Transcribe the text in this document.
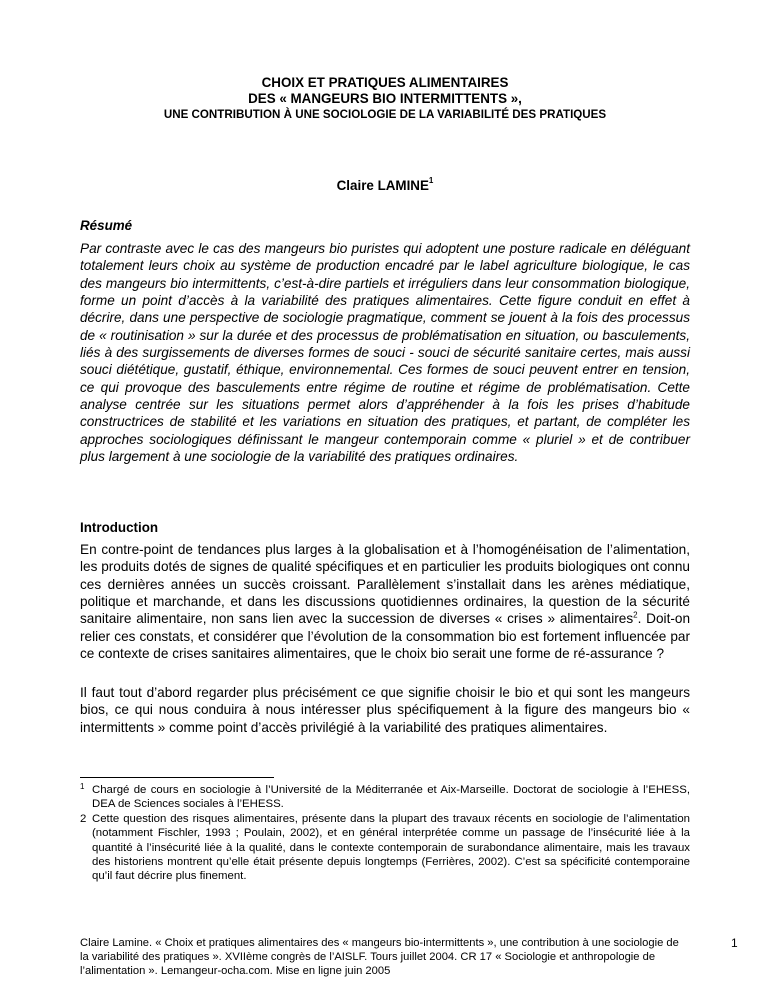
CHOIX ET PRATIQUES ALIMENTAIRES
DES « MANGEURS BIO INTERMITTENTS »,
UNE CONTRIBUTION À UNE SOCIOLOGIE DE LA VARIABILITÉ DES PRATIQUES
Claire LAMINE$^1$
Résumé
Par contraste avec le cas des mangeurs bio puristes qui adoptent une posture radicale en déléguant totalement leurs choix au système de production encadré par le label agriculture biologique, le cas des mangeurs bio intermittents, c’est-à-dire partiels et irréguliers dans leur consommation biologique, forme un point d’accès à la variabilité des pratiques alimentaires. Cette figure conduit en effet à décrire, dans une perspective de sociologie pragmatique, comment se jouent à la fois des processus de « routinisation » sur la durée et des processus de problématisation en situation, ou basculements, liés à des surgissements de diverses formes de souci - souci de sécurité sanitaire certes, mais aussi souci diététique, gustatif, éthique, environnemental. Ces formes de souci peuvent entrer en tension, ce qui provoque des basculements entre régime de routine et régime de problématisation. Cette analyse centrée sur les situations permet alors d’appréhender à la fois les prises d’habitude constructrices de stabilité et les variations en situation des pratiques, et partant, de compléter les approches sociologiques définissant le mangeur contemporain comme « pluriel » et de contribuer plus largement à une sociologie de la variabilité des pratiques ordinaires.
Introduction
En contre-point de tendances plus larges à la globalisation et à l’homogénéisation de l’alimentation, les produits dotés de signes de qualité spécifiques et en particulier les produits biologiques ont connu ces dernières années un succès croissant. Parallèlement s’installait dans les arènes médiatique, politique et marchande, et dans les discussions quotidiennes ordinaires, la question de la sécurité sanitaire alimentaire, non sans lien avec la succession de diverses « crises » alimentaires$^2$. Doit-on relier ces constats, et considérer que l’évolution de la consommation bio est fortement influencée par ce contexte de crises sanitaires alimentaires, que le choix bio serait une forme de ré-assurance ?
Il faut tout d’abord regarder plus précisément ce que signifie choisir le bio et qui sont les mangeurs bios, ce qui nous conduira à nous intéresser plus spécifiquement à la figure des mangeurs bio « intermittents » comme point d’accès privilégié à la variabilité des pratiques alimentaires.
1 Chargé de cours en sociologie à l’Université de la Méditerranée et Aix-Marseille. Doctorat de sociologie à l’EHESS, DEA de Sciences sociales à l’EHESS.
2 Cette question des risques alimentaires, présente dans la plupart des travaux récents en sociologie de l’alimentation (notamment Fischler, 1993 ; Poulain, 2002), et en général interprétée comme un passage de l’insécurité liée à la quantité à l’insécurité liée à la qualité, dans le contexte contemporain de surabondance alimentaire, mais les travaux des historiens montrent qu’elle était présente depuis longtemps (Ferrières, 2002). C’est sa spécificité contemporaine qu’il faut décrire plus finement.
Claire Lamine. « Choix et pratiques alimentaires des « mangeurs bio-intermittents », une contribution à une sociologie de la variabilité des pratiques ». XVIIème congrès de l’AISLF. Tours juillet 2004. CR 17 « Sociologie et anthropologie de l’alimentation ». Lemangeur-ocha.com. Mise en ligne juin 2005
1
